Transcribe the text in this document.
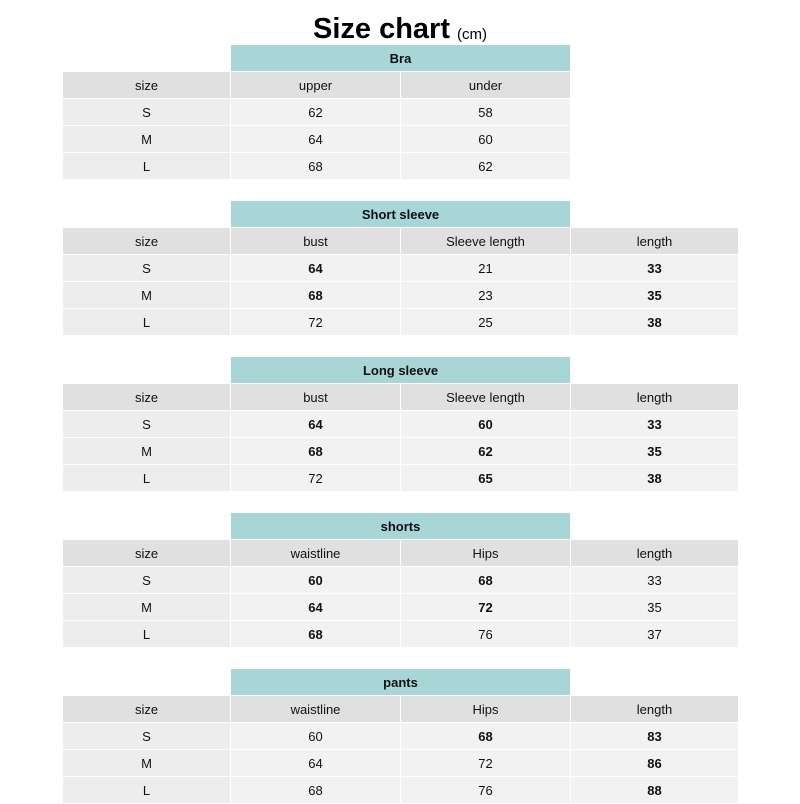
Size chart (cm)
	Bra		
size	upper	under	
S	62	58	
M	64	60	
L	68	62	
	Short sleeve		
size	bust	Sleeve length	length
S	64	21	33
M	68	23	35
L	72	25	38
	Long sleeve		
size	bust	Sleeve length	length
S	64	60	33
M	68	62	35
L	72	65	38
	shorts		
size	waistline	Hips	length
S	60	68	33
M	64	72	35
L	68	76	37
	pants		
size	waistline	Hips	length
S	60	68	83
M	64	72	86
L	68	76	88
